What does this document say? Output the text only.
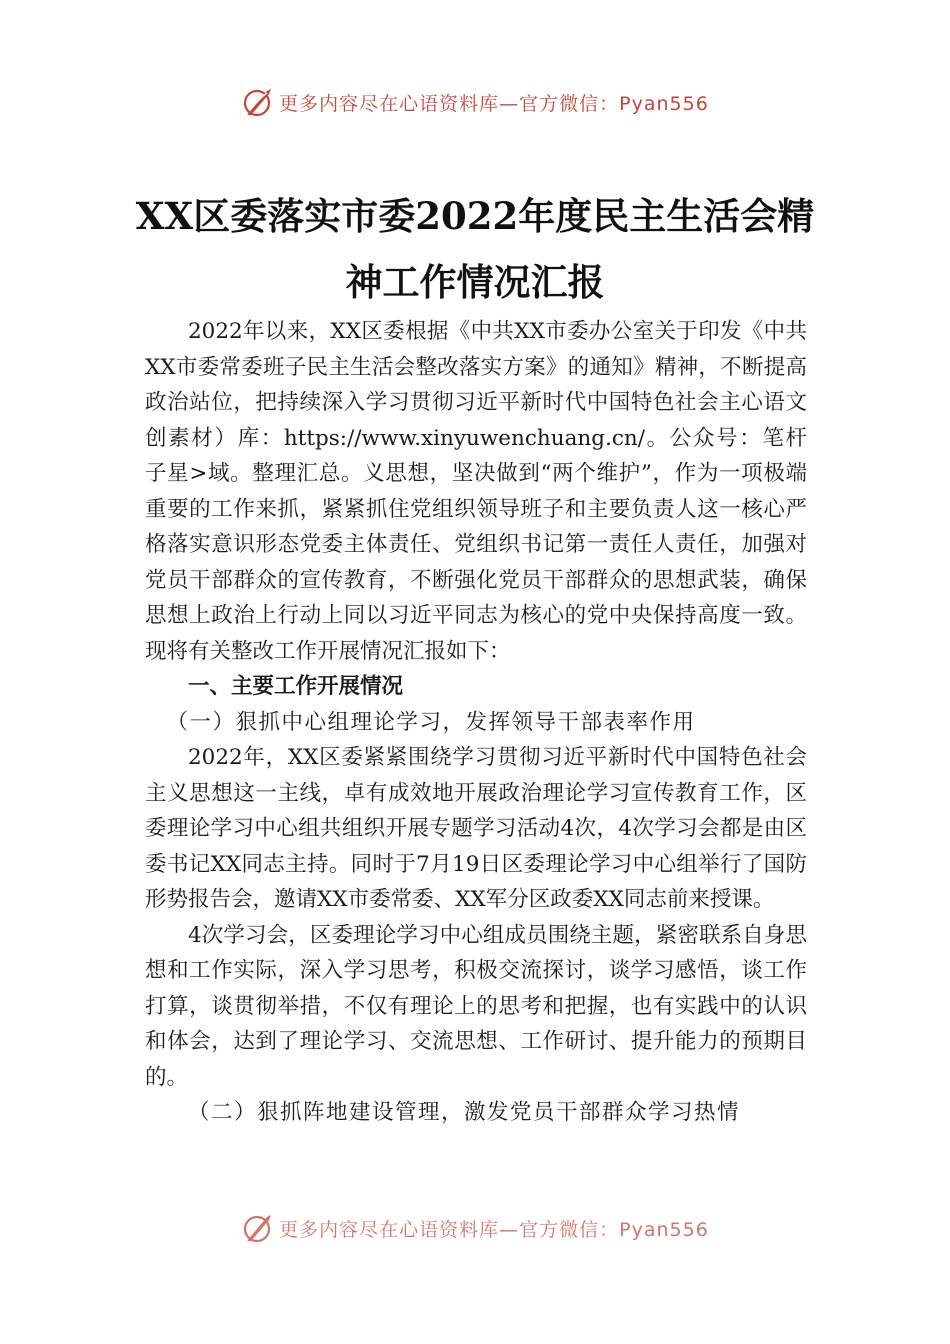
更多内容尽在心语资料库—官方微信：Pyan556
XX区委落实市委2022年度民主生活会精
神工作情况汇报

2022年以来，XX区委根据《中共XX市委办公室关于印发《中共XX市委常委班子民主生活会整改落实方案》的通知》精神，不断提高政治站位，把持续深入学习贯彻习近平新时代中国特色社会主心语文创素材）库：https://www.xinyuwenchuang.cn/。公众号：笔杆子星>域。整理汇总。义思想，坚决做到“两个维护”，作为一项极端重要的工作来抓，紧紧抓住党组织领导班子和主要负责人这一核心严格落实意识形态党委主体责任、党组织书记第一责任人责任，加强对党员干部群众的宣传教育，不断强化党员干部群众的思想武装，确保思想上政治上行动上同以习近平同志为核心的党中央保持高度一致。现将有关整改工作开展情况汇报如下：

一、主要工作开展情况

（一）狠抓中心组理论学习，发挥领导干部表率作用

2022年，XX区委紧紧围绕学习贯彻习近平新时代中国特色社会主义思想这一主线，卓有成效地开展政治理论学习宣传教育工作，区委理论学习中心组共组织开展专题学习活动4次，4次学习会都是由区委书记XX同志主持。同时于7月19日区委理论学习中心组举行了国防形势报告会，邀请XX市委常委、XX军分区政委XX同志前来授课。

4次学习会，区委理论学习中心组成员围绕主题，紧密联系自身思想和工作实际，深入学习思考，积极交流探讨，谈学习感悟，谈工作打算，谈贯彻举措，不仅有理论上的思考和把握，也有实践中的认识和体会，达到了理论学习、交流思想、工作研讨、提升能力的预期目的。

（二）狠抓阵地建设管理，激发党员干部群众学习热情

更多内容尽在心语资料库—官方微信：Pyan556
